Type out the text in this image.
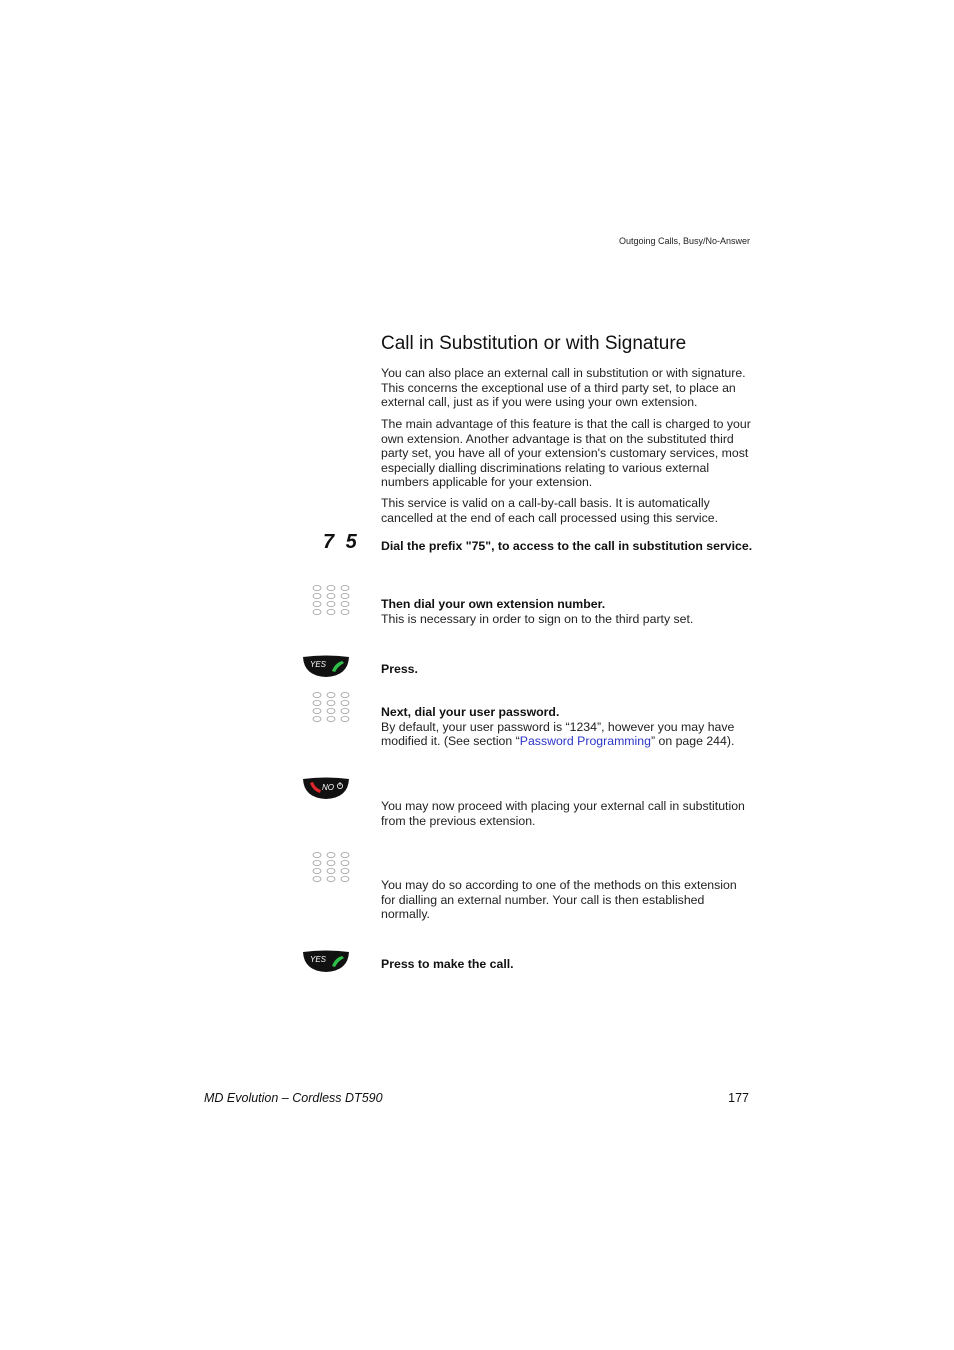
Outgoing Calls, Busy/No-Answer
Call in Substitution or with Signature
You can also place an external call in substitution or with signature. This concerns the exceptional use of a third party set, to place an external call, just as if you were using your own extension.
The main advantage of this feature is that the call is charged to your own extension. Another advantage is that on the substituted third party set, you have all of your extension's customary services, most especially dialling discriminations relating to various external numbers applicable for your extension.
This service is valid on a call-by-call basis. It is automatically cancelled at the end of each call processed using this service.
7 5 Dial the prefix "75", to access to the call in substitution service.
Then dial your own extension number.
This is necessary in order to sign on to the third party set.
YES	Press.
Next, dial your user password.
By default, your user password is “1234”, however you may have modified it. (See section “Password Programming” on page 244).
NO
You may now proceed with placing your external call in substitution from the previous extension.
You may do so according to one of the methods on this extension for dialling an external number. Your call is then established normally.
YES	Press to make the call.
MD Evolution – Cordless DT590	177
